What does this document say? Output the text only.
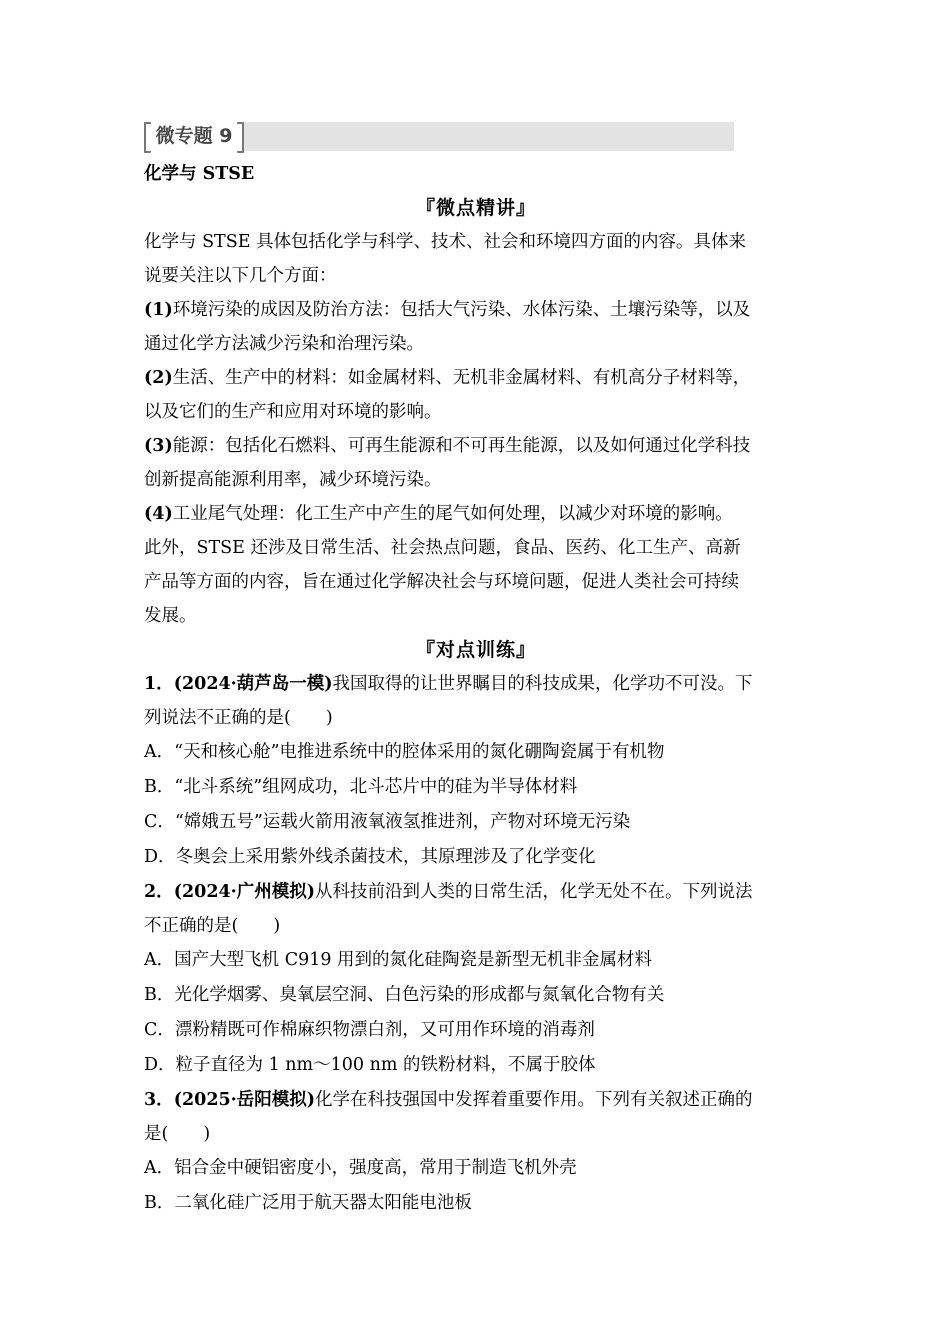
微专题 9
化学与 STSE
『微点精讲』
化学与 STSE 具体包括化学与科学、技术、社会和环境四方面的内容。具体来
说要关注以下几个方面：
(1)环境污染的成因及防治方法：包括大气污染、水体污染、土壤污染等，以及
通过化学方法减少污染和治理污染。
(2)生活、生产中的材料：如金属材料、无机非金属材料、有机高分子材料等，
以及它们的生产和应用对环境的影响。
(3)能源：包括化石燃料、可再生能源和不可再生能源，以及如何通过化学科技
创新提高能源利用率，减少环境污染。
(4)工业尾气处理：化工生产中产生的尾气如何处理，以减少对环境的影响。
此外，STSE 还涉及日常生活、社会热点问题，食品、医药、化工生产、高新
产品等方面的内容，旨在通过化学解决社会与环境问题，促进人类社会可持续
发展。
『对点训练』
1．(2024·葫芦岛一模)我国取得的让世界瞩目的科技成果，化学功不可没。下
列说法不正确的是(　　)
A．“天和核心舱”电推进系统中的腔体采用的氮化硼陶瓷属于有机物
B．“北斗系统”组网成功，北斗芯片中的硅为半导体材料
C．“嫦娥五号”运载火箭用液氧液氢推进剂，产物对环境无污染
D．冬奥会上采用紫外线杀菌技术，其原理涉及了化学变化
2．(2024·广州模拟)从科技前沿到人类的日常生活，化学无处不在。下列说法
不正确的是(　　)
A．国产大型飞机 C919 用到的氮化硅陶瓷是新型无机非金属材料
B．光化学烟雾、臭氧层空洞、白色污染的形成都与氮氧化合物有关
C．漂粉精既可作棉麻织物漂白剂，又可用作环境的消毒剂
D．粒子直径为 1 nm～100 nm 的铁粉材料，不属于胶体
3．(2025·岳阳模拟)化学在科技强国中发挥着重要作用。下列有关叙述正确的
是(　　)
A．铝合金中硬铝密度小，强度高，常用于制造飞机外壳
B．二氧化硅广泛用于航天器太阳能电池板
